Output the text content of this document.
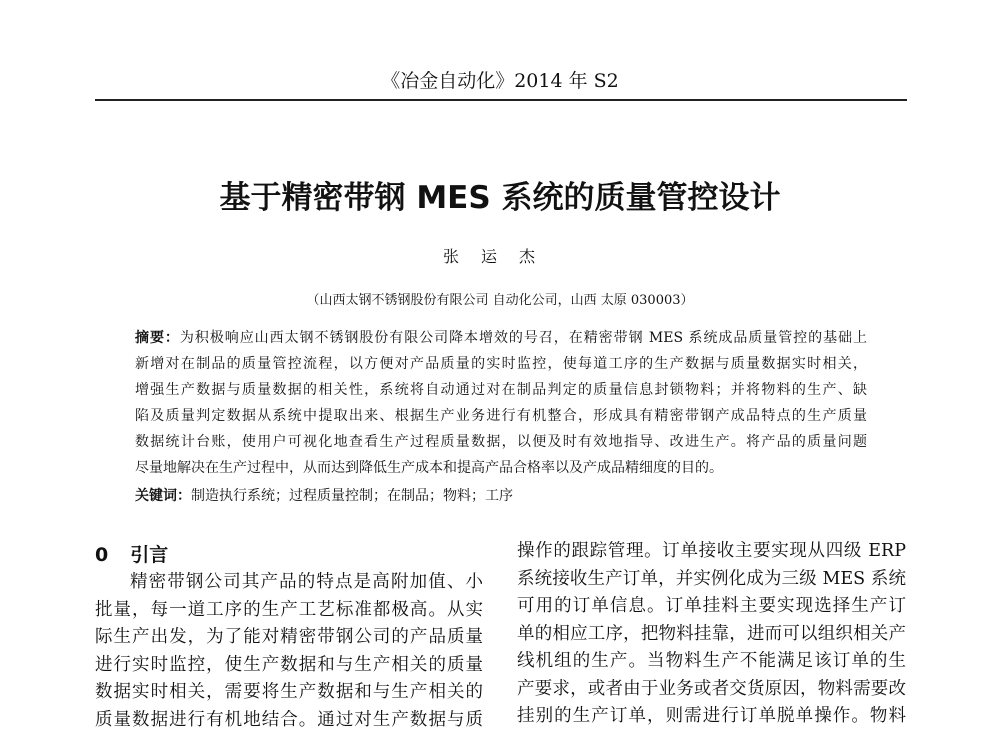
《冶金自动化》2014 年 S2
基于精密带钢 MES 系统的质量管控设计
张运杰
（山西太钢不锈钢股份有限公司 自动化公司，山西 太原 030003）
摘要：为积极响应山西太钢不锈钢股份有限公司降本增效的号召，在精密带钢 MES 系统成品质量管控的基础上
新增对在制品的质量管控流程，以方便对产品质量的实时监控，使每道工序的生产数据与质量数据实时相关，
增强生产数据与质量数据的相关性，系统将自动通过对在制品判定的质量信息封锁物料；并将物料的生产、缺
陷及质量判定数据从系统中提取出来、根据生产业务进行有机整合，形成具有精密带钢产成品特点的生产质量
数据统计台账，使用户可视化地查看生产过程质量数据，以便及时有效地指导、改进生产。将产品的质量问题
尽量地解决在生产过程中，从而达到降低生产成本和提高产品合格率以及产成品精细度的目的。
关键词：制造执行系统；过程质量控制；在制品；物料；工序
0 引言
精密带钢公司其产品的特点是高附加值、小
批量，每一道工序的生产工艺标准都极高。从实
际生产出发，为了能对精密带钢公司的产品质量
进行实时监控，使生产数据和与生产相关的质量
数据实时相关，需要将生产数据和与生产相关的
质量数据进行有机地结合。通过对生产数据与质
操作的跟踪管理。订单接收主要实现从四级 ERP
系统接收生产订单，并实例化成为三级 MES 系统
可用的订单信息。订单挂料主要实现选择生产订
单的相应工序，把物料挂靠，进而可以组织相关产
线机组的生产。当物料生产不能满足该订单的生
产要求，或者由于业务或者交货原因，物料需要改
挂别的生产订单，则需进行订单脱单操作。物料
